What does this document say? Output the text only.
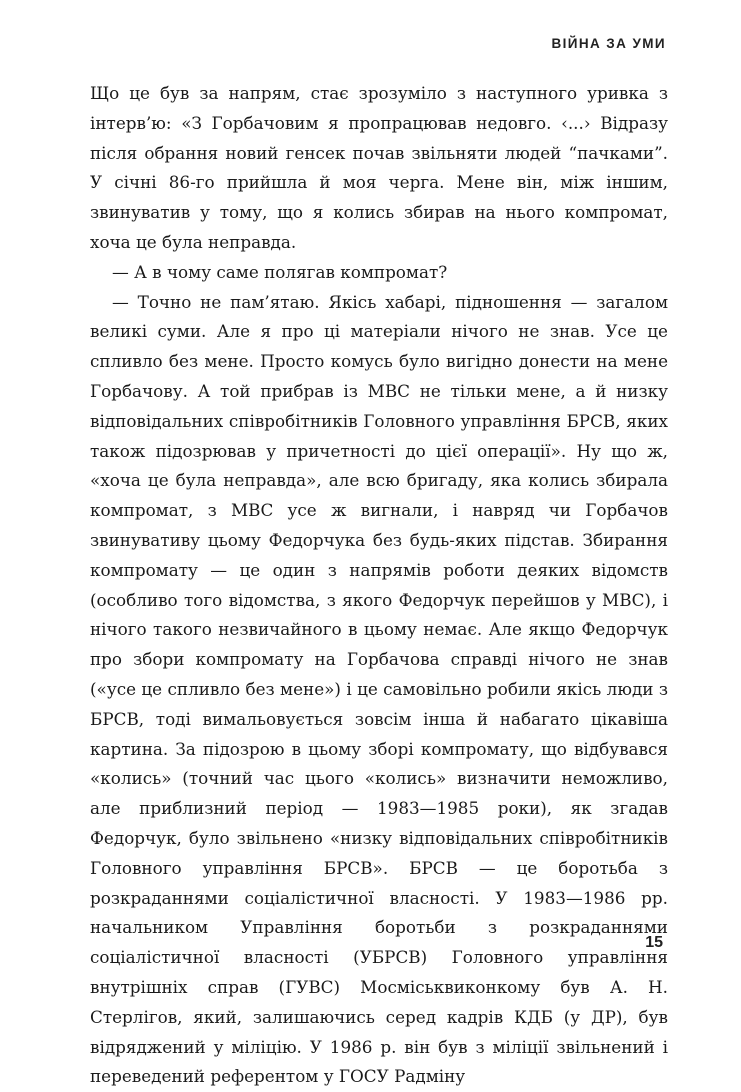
ВІЙНА ЗА УМИ

Що це був за напрям, стає зрозуміло з наступного уривка з інтерв’ю: «З Горбачовим я пропрацював недовго. ‹...› Відразу після обрання новий генсек почав звільняти людей “пачками”. У січні 86-го прийшла й моя черга. Мене він, між іншим, звинуватив у тому, що я колись збирав на нього компромат, хоча це була неправда.

— А в чому саме полягав компромат?

— Точно не пам’ятаю. Якісь хабарі, підношення — загалом великі суми. Але я про ці матеріали нічого не знав. Усе це спливло без мене. Просто комусь було вигідно донести на мене Горбачову. А той прибрав із МВС не тільки мене, а й низку відповідальних співробітників Головного управління БРСВ, яких також підозрював у причетності до цієї операції». Ну що ж, «хоча це була неправда», але всю бригаду, яка колись збирала компромат, з МВС усе ж вигнали, і навряд чи Горбачов звинувативу цьому Федорчука без будь-яких підстав. Збирання компромату — це один з напрямів роботи деяких відомств (особливо того відомства, з якого Федорчук перейшов у МВС), і нічого такого незвичайного в цьому немає. Але якщо Федорчук про збори компромату на Горбачова справді нічого не знав («усе це спливло без мене») і це самовільно робили якісь люди з БРСВ, тоді вимальовується зовсім інша й набагато цікавіша картина. За підозрою в цьому зборі компромату, що відбувався «колись» (точний час цього «колись» визначити неможливо, але приблизний період — 1983—1985 роки), як згадав Федорчук, було звільнено «низку відповідальних співробітників Головного управління БРСВ». БРСВ — це боротьба з розкраданнями соціалістичної власності. У 1983—1986 рр. начальником Управління боротьби з розкраданнями соціалістичної власності (УБРСВ) Головного управління внутрішніх справ (ГУВС) Мосміськвиконкому був А. Н. Стерлігов, який, залишаючись серед кадрів КДБ (у ДР), був відряджений у міліцію. У 1986 р. він був з міліції звільнений і переведений референтом у ГОСУ Радміну

15
